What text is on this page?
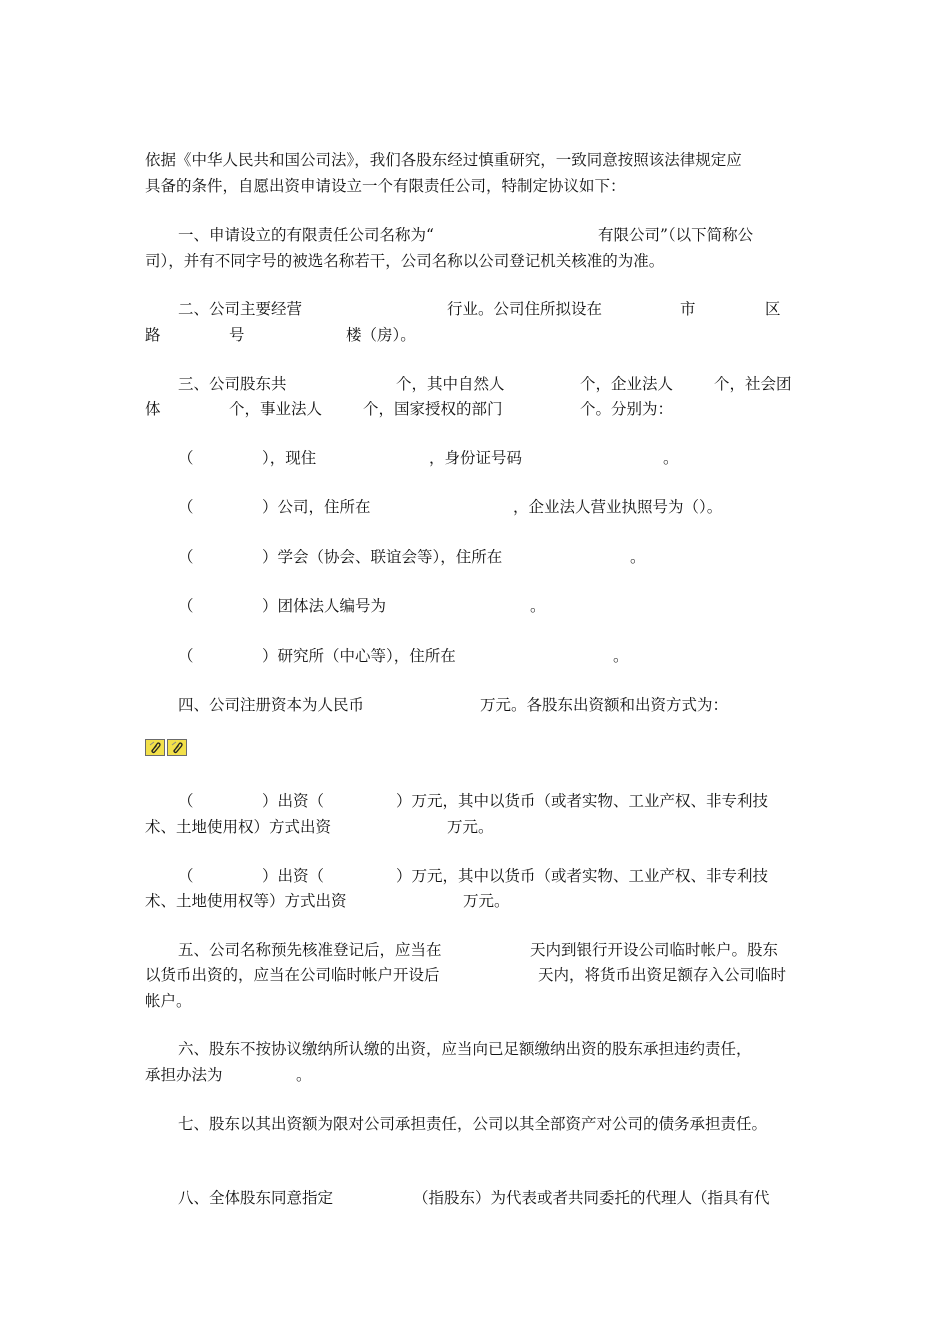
依据《中华人民共和国公司法》，我们各股东经过慎重研究，一致同意按照该法律规定应

具备的条件，自愿出资申请设立一个有限责任公司，特制定协议如下：

一、申请设立的有限责任公司名称为“

	有限公司”（以下简称公

司），并有不同字号的被选名称若干，公司名称以公司登记机关核准的为准。

二、公司主要经营

	行业。公司住所拟设在

	市

	区

路

	号

	楼（房）。

三、公司股东共

	个，其中自然人

	个，企业法人

	个，社会团

体

	个，事业法人

	个，国家授权的部门

	个。分别为：

（

	），现住

	，身份证号码

	。

（

	）公司，住所在

	，企业法人营业执照号为（）。

（

	）学会（协会、联谊会等），住所在

	。

（

	）团体法人编号为

	。

（

	）研究所（中心等），住所在

	。

四、公司注册资本为人民币

	万元。各股东出资额和出资方式为：

（

	）出资（

	）万元，其中以货币（或者实物、工业产权、非专利技

术、土地使用权）方式出资

	万元。

（

	）出资（

	）万元，其中以货币（或者实物、工业产权、非专利技

术、土地使用权等）方式出资

	万元。

五、公司名称预先核准登记后，应当在

	天内到银行开设公司临时帐户。股东

以货币出资的，应当在公司临时帐户开设后

	天内，将货币出资足额存入公司临时

帐户。

六、股东不按协议缴纳所认缴的出资，应当向已足额缴纳出资的股东承担违约责任，

承担办法为

	。

七、股东以其出资额为限对公司承担责任，公司以其全部资产对公司的债务承担责任。

八、全体股东同意指定

	（指股东）为代表或者共同委托的代理人（指具有代
